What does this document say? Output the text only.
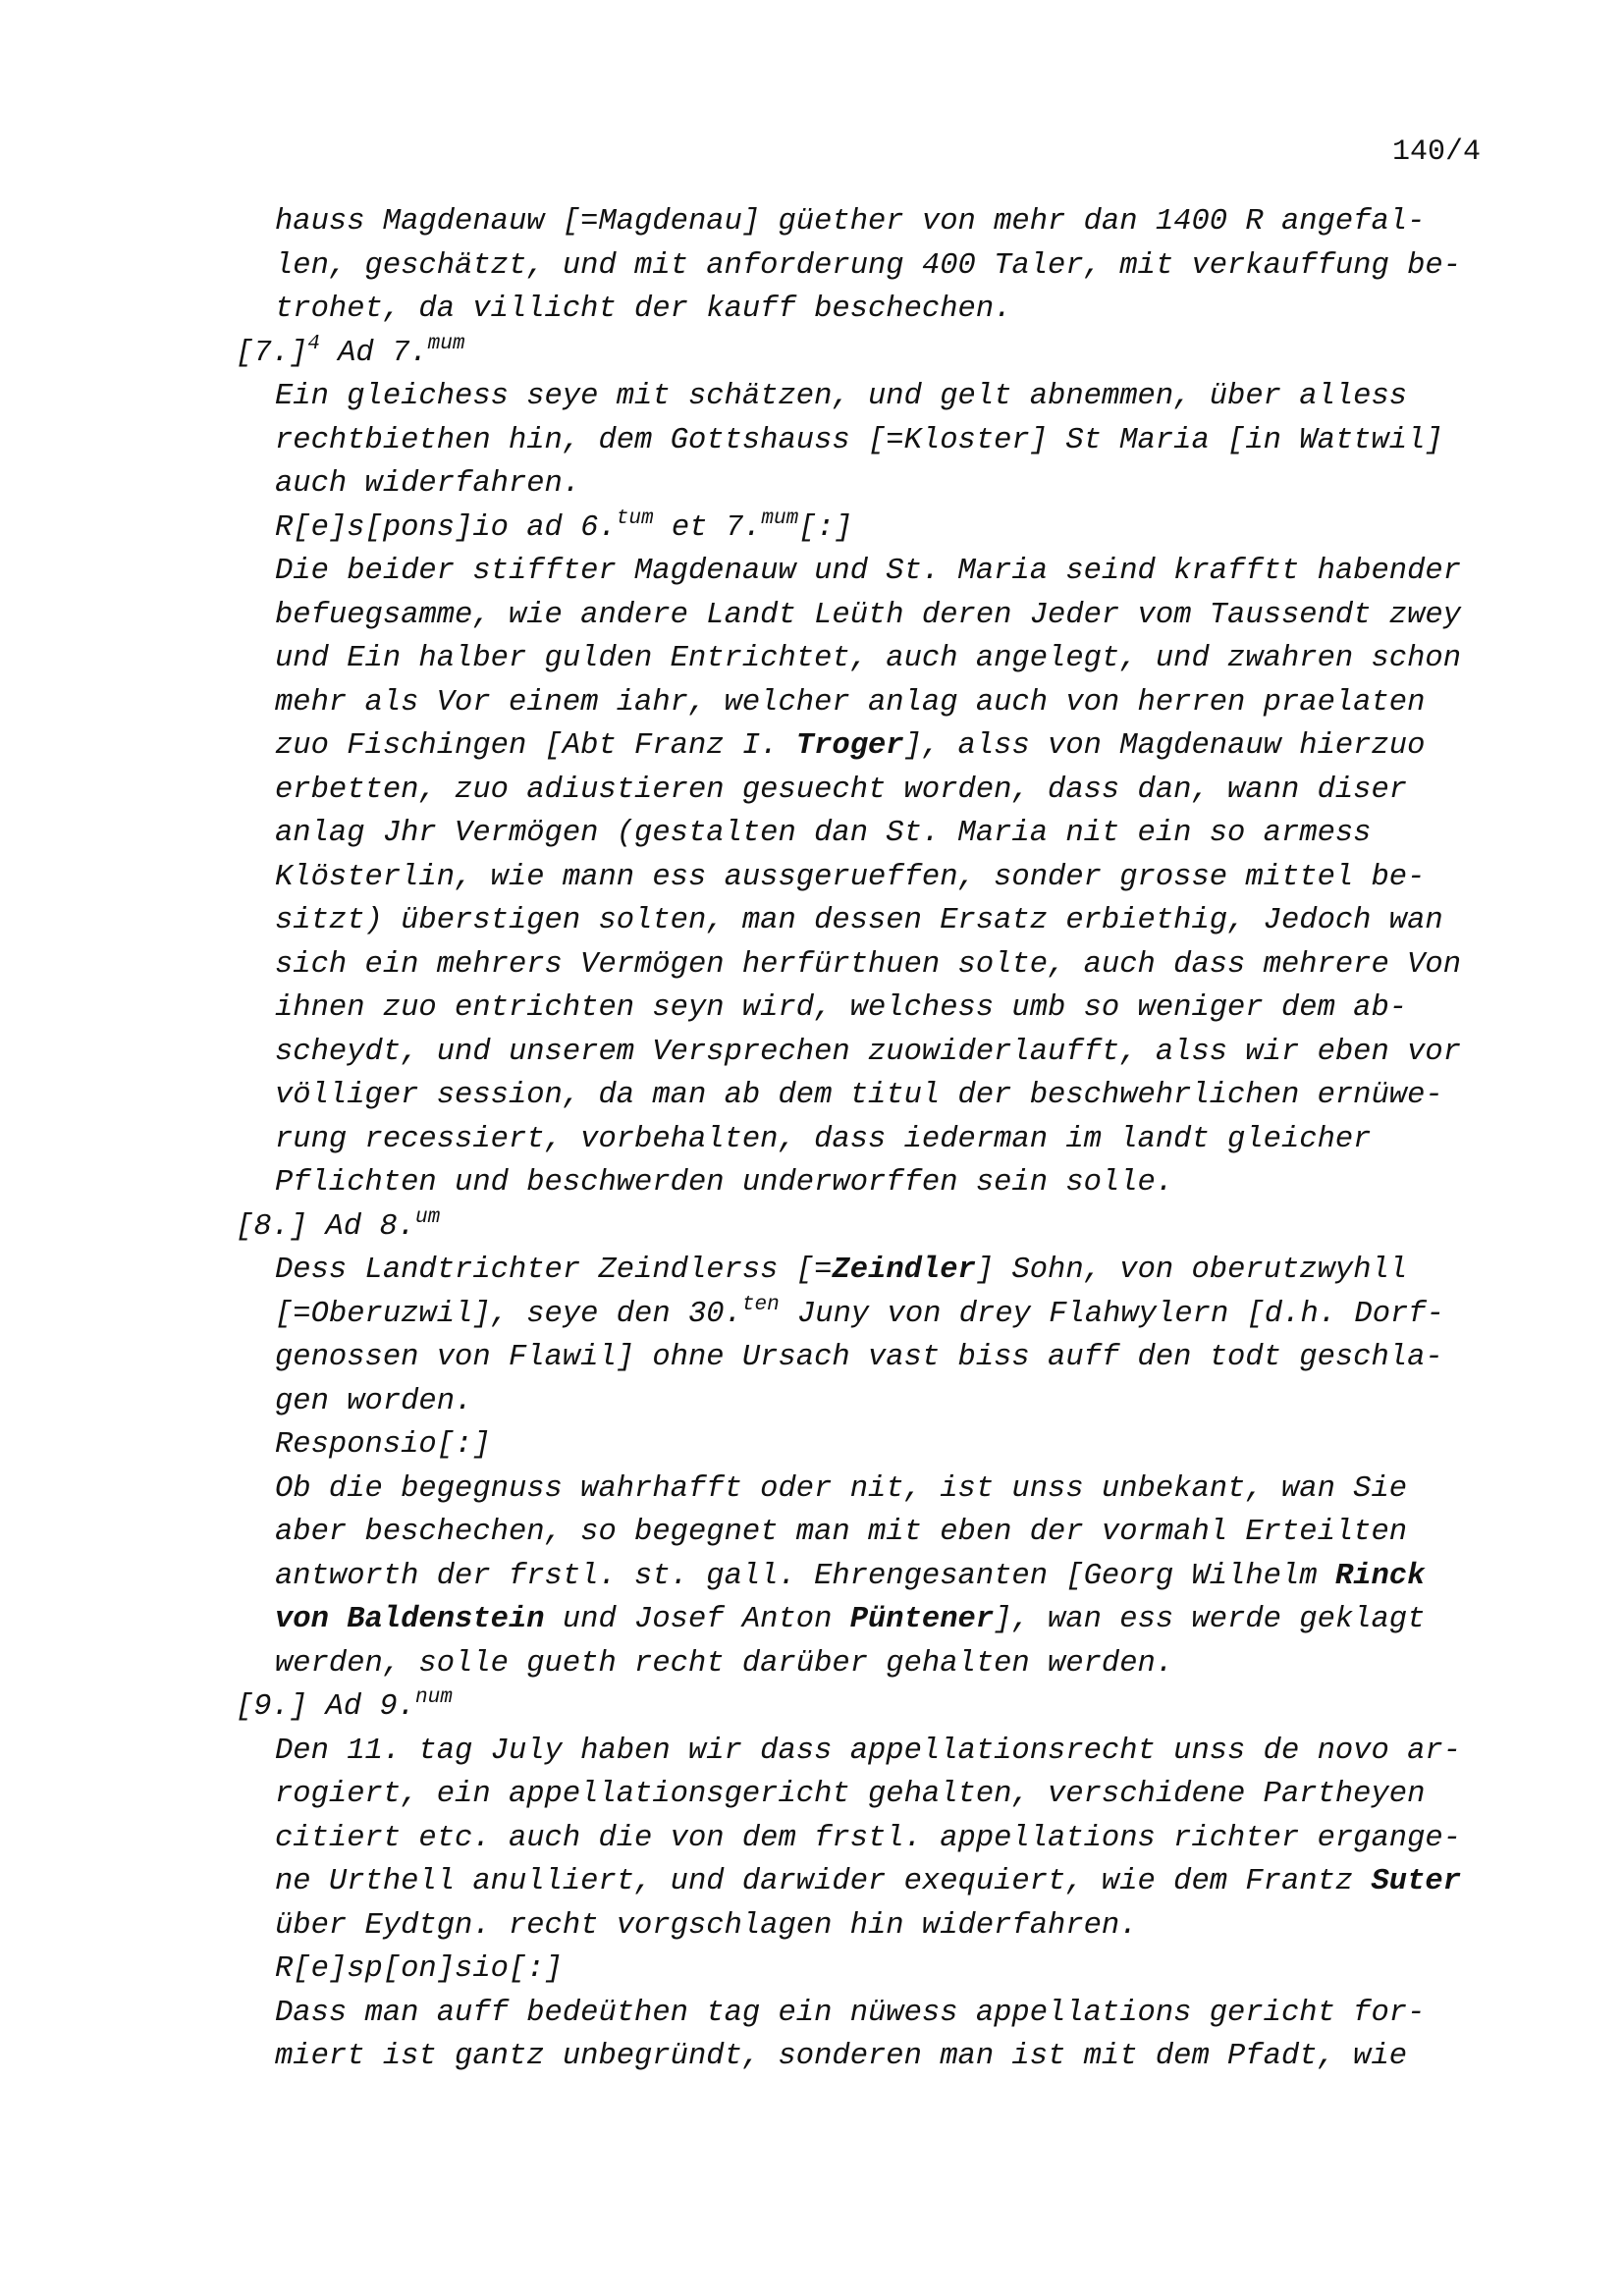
140/4
hauss Magdenauw [=Magdenau] güether von mehr dan 1400 R angefal-
len, geschätzt, und mit anforderung 400 Taler, mit verkauffung be-
trohet, da villicht der kauff beschechen.
$[7.]^4$ Ad 7.$^{mum}$
Ein gleichess seye mit schätzen, und gelt abnemmen, über alless
rechtbiethen hin, dem Gottshauss [=Kloster] St Maria [in Wattwil]
auch widerfahren.
R[e]s[pons]io ad 6.$^{tum}$ et 7.$^{mum}$[:]
Die beider stiffter Magdenauw und St. Maria seind krafftt habender
befuegsamme, wie andere Landt Leüth deren Jeder vom Taussendt zwey
und Ein halber gulden Entrichtet, auch angelegt, und zwahren schon
mehr als Vor einem iahr, welcher anlag auch von herren praelaten
zuo Fischingen [Abt Franz I. Troger], alss von Magdenauw hierzuo
erbetten, zuo adiustieren gesuecht worden, dass dan, wann diser
anlag Jhr Vermögen (gestalten dan St. Maria nit ein so armess
Klösterlin, wie mann ess aussgerueffen, sonder grosse mittel be-
sitzt) überstigen solten, man dessen Ersatz erbiethig, Jedoch wan
sich ein mehrers Vermögen herfürthuen solte, auch dass mehrere Von
ihnen zuo entrichten seyn wird, welchess umb so weniger dem ab-
scheydt, und unserem Versprechen zuowiderlaufft, alss wir eben vor
völliger session, da man ab dem titul der beschwehrlichen ernüwe-
rung recessiert, vorbehalten, dass iederman im landt gleicher
Pflichten und beschwerden underworffen sein solle.
[8.] Ad 8.$^{um}$
Dess Landtrichter Zeindlerss [=Zeindler] Sohn, von oberutzwyhll
[=Oberuzwil], seye den 30.$^{ten}$ Juny von drey Flahwylern [d.h. Dorf-
genossen von Flawil] ohne Ursach vast biss auff den todt geschla-
gen worden.
Responsio[:]
Ob die begegnuss wahrhafft oder nit, ist unss unbekant, wan Sie
aber beschechen, so begegnet man mit eben der vormahl Erteilten
antworth der frstl. st. gall. Ehrengesanten [Georg Wilhelm Rinck
von Baldenstein und Josef Anton Püntener], wan ess werde geklagt
werden, solle gueth recht darüber gehalten werden.
[9.] Ad 9.$^{num}$
Den 11. tag July haben wir dass appellationsrecht unss de novo ar-
rogiert, ein appellationsgericht gehalten, verschidene Partheyen
citiert etc. auch die von dem frstl. appellations richter ergange-
ne Urthell anulliert, und darwider exequiert, wie dem Frantz Suter
über Eydtgn. recht vorgschlagen hin widerfahren.
R[e]sp[on]sio[:]
Dass man auff bedeüthen tag ein nüwess appellations gericht for-
miert ist gantz unbegründt, sonderen man ist mit dem Pfadt, wie
